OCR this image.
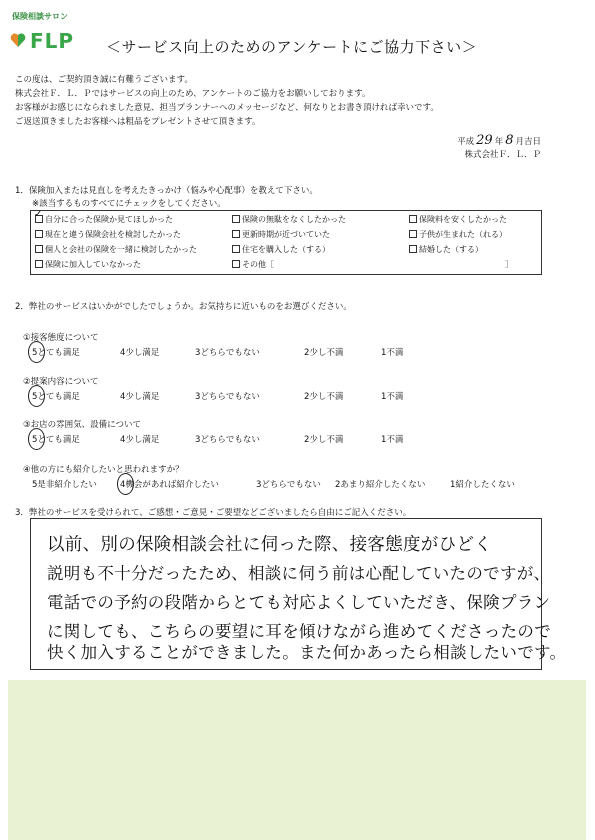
保険相談サロン
FLP ＜サービス向上のためのアンケートにご協力下さい＞
この度は、ご契約頂き誠に有難うございます。
株式会社Ｆ．Ｌ．Ｐではサービスの向上のため、アンケートのご協力をお願いしております。
お客様がお感じになられました意見、担当プランナーへのメッセージなど、何なりとお書き頂ければ幸いです。
ご返送頂きましたお客様へは粗品をプレゼントさせて頂きます。
平成 29 年 8 月吉日
株式会社Ｆ．Ｌ．Ｐ
1．保険加入または見直しを考えたきっかけ（悩みや心配事）を教えて下さい。
※該当するものすべてにチェックをしてください。
自分に合った保険か見てほしかった	保険の無駄をなくしたかった	保険料を安くしたかった
現在と違う保険会社を検討したかった	更新時期が近づいていた	子供が生まれた（れる）
個人と会社の保険を一緒に検討したかった	住宅を購入した（する）	結婚した（する）
保険に加入していなかった	その他［	］
✓
2．弊社のサービスはいかがでしたでしょうか。お気持ちに近いものをお選びください。
①接客態度について
5とても満足	4少し満足	3どちらでもない	2少し不満	1不満
②提案内容について
5とても満足	4少し満足	3どちらでもない	2少し不満	1不満
③お店の雰囲気、設備について
5とても満足	4少し満足	3どちらでもない	2少し不満	1不満
④他の方にも紹介したいと思われますか？
5是非紹介したい	4機会があれば紹介したい	3どちらでもない 2あまり紹介したくない	1紹介したくない
3．弊社のサービスを受けられて、ご感想・ご意見・ご要望などございましたら自由にご記入ください。
以前、別の保険相談会社に伺った際、接客態度がひどく
説明も不十分だったため、相談に伺う前は心配していたのですが、
電話での予約の段階からとても対応よくしていただき、保険プラン
に関しても、こちらの要望に耳を傾けながら進めてくださったので
快く加入することができました。また何かあったら相談したいです。
